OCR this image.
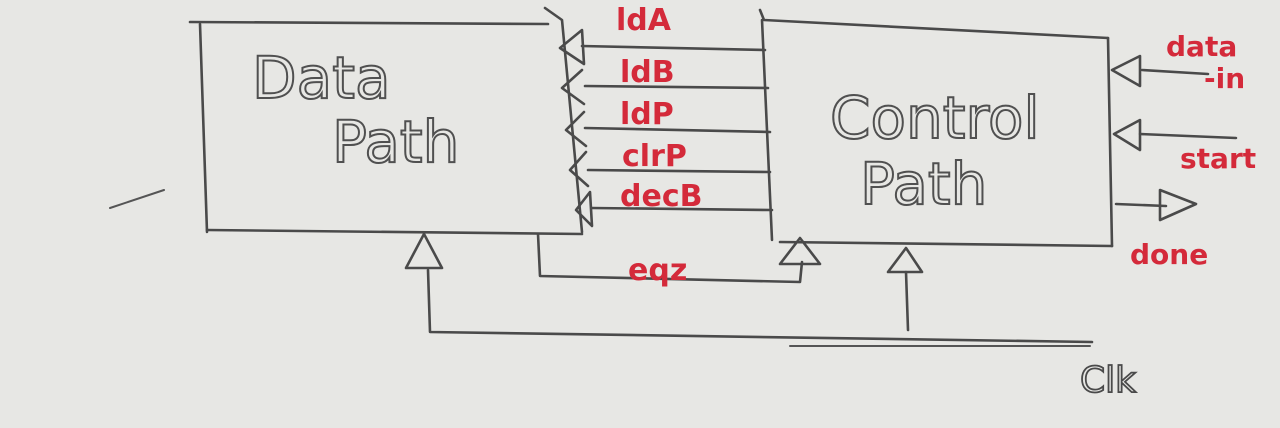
Data
Path	Control
Path
ldA
ldB
ldP
clrP
decB
eqz
Clk
data
-in
start
done
